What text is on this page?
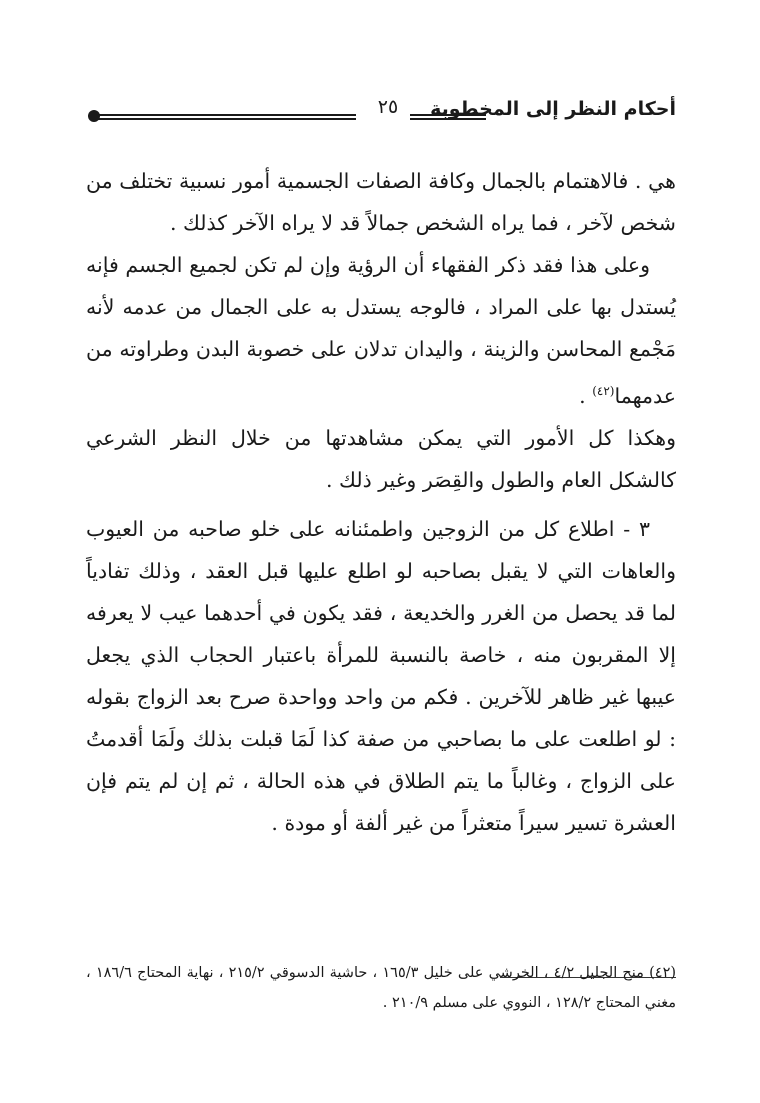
أحكام النظر إلى المخطوبة
٢٥

هي . فالاهتمام بالجمال وكافة الصفات الجسمية أمور نسبية تختلف من شخص لآخر ، فما يراه الشخص جمالاً قد لا يراه الآخر كذلك .

وعلى هذا فقد ذكر الفقهاء أن الرؤية وإن لم تكن لجميع الجسم فإنه يُستدل بها على المراد ، فالوجه يستدل به على الجمال من عدمه لأنه مَجْمع المحاسن والزينة ، واليدان تدلان على خصوبة البدن وطراوته من عدمهما$^{(٤٢)}$ .

وهكذا كل الأمور التي يمكن مشاهدتها من خلال النظر الشرعي كالشكل العام والطول والقِصَر وغير ذلك .

٣ - اطلاع كل من الزوجين واطمئنانه على خلو صاحبه من العيوب والعاهات التي لا يقبل بصاحبه لو اطلع عليها قبل العقد ، وذلك تفادياً لما قد يحصل من الغرر والخديعة ، فقد يكون في أحدهما عيب لا يعرفه إلا المقربون منه ، خاصة بالنسبة للمرأة باعتبار الحجاب الذي يجعل عيبها غير ظاهر للآخرين . فكم من واحد وواحدة صرح بعد الزواج بقوله : لو اطلعت على ما بصاحبي من صفة كذا لَمَا قبلت بذلك ولَمَا أقدمتُ على الزواج ، وغالباً ما يتم الطلاق في هذه الحالة ، ثم إن لم يتم فإن العشرة تسير سيراً متعثراً من غير ألفة أو مودة .

(٤٢) منح الجليل ٤/٢ ، الخرشي على خليل ١٦٥/٣ ، حاشية الدسوقي ٢١٥/٢ ، نهاية المحتاج ١٨٦/٦ ، مغني المحتاج ١٢٨/٢ ، النووي على مسلم ٢١٠/٩ .
